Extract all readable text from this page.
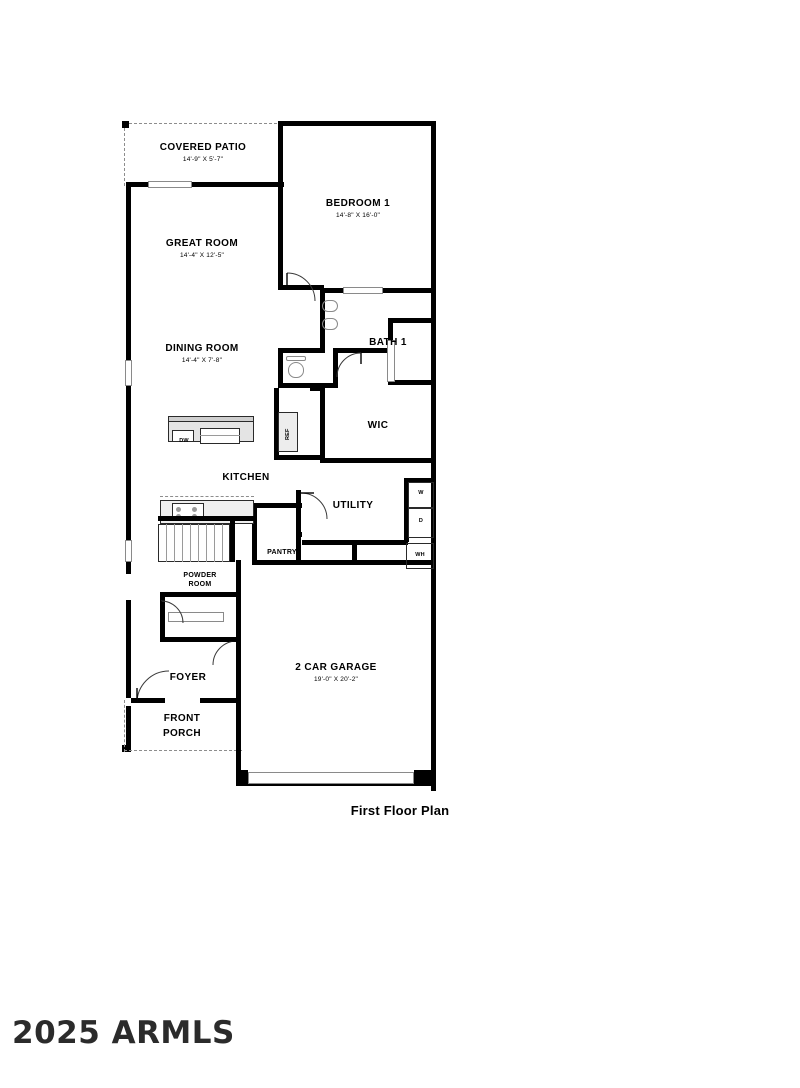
COVERED PATIO
14'-9" X 5'-7"
BEDROOM 1
14'-8" X 16'-0"
GREAT ROOM
14'-4" X 12'-5"
DINING ROOM
14'-4" X 7'-8"
BATH 1
WIC
KITCHEN
UTILITY
PANTRY
POWDER
ROOM
FOYER
FRONT
PORCH
2 CAR GARAGE
19'-0" X 20'-2"
DW
REF
W
D
WH
First Floor Plan
2025 ARMLS
